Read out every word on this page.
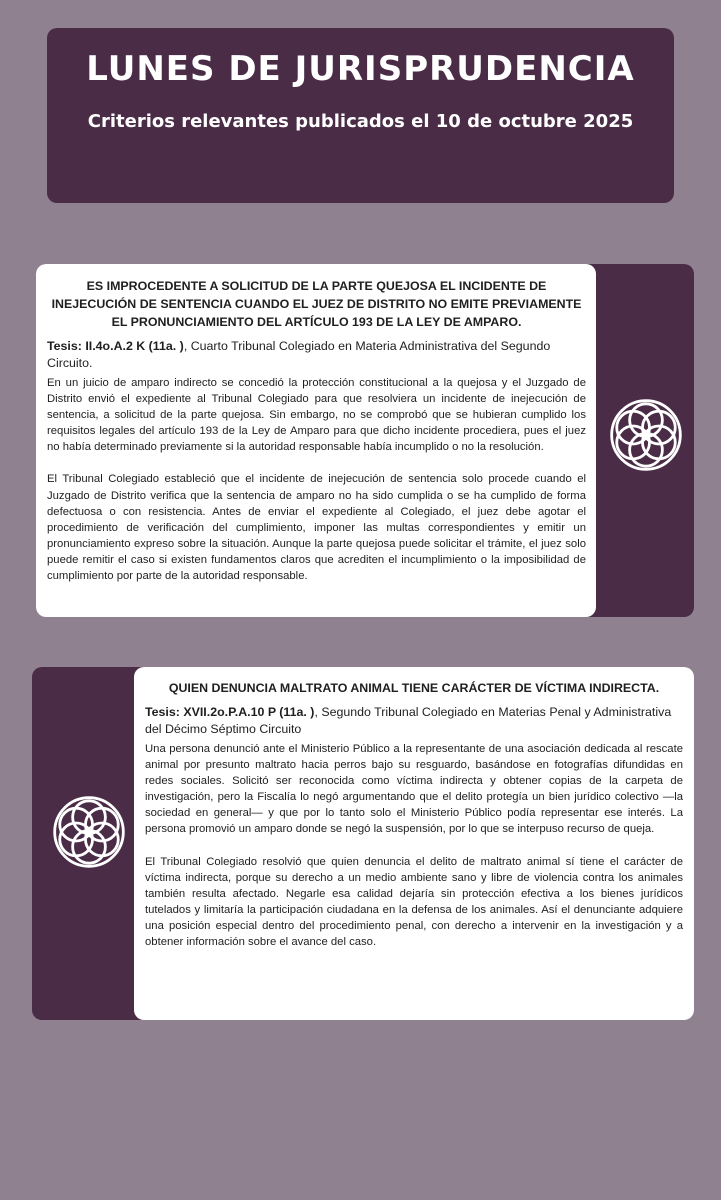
LUNES DE JURISPRUDENCIA
Criterios relevantes publicados el 10 de octubre 2025
ES IMPROCEDENTE A SOLICITUD DE LA PARTE QUEJOSA EL INCIDENTE DE INEJECUCIÓN DE SENTENCIA CUANDO EL JUEZ DE DISTRITO NO EMITE PREVIAMENTE EL PRONUNCIAMIENTO DEL ARTÍCULO 193 DE LA LEY DE AMPARO.
Tesis: II.4o.A.2 K (11a. ), Cuarto Tribunal Colegiado en Materia Administrativa del Segundo Circuito.

En un juicio de amparo indirecto se concedió la protección constitucional a la quejosa y el Juzgado de Distrito envió el expediente al Tribunal Colegiado para que resolviera un incidente de inejecución de sentencia, a solicitud de la parte quejosa. Sin embargo, no se comprobó que se hubieran cumplido los requisitos legales del artículo 193 de la Ley de Amparo para que dicho incidente procediera, pues el juez no había determinado previamente si la autoridad responsable había incumplido o no la resolución.

El Tribunal Colegiado estableció que el incidente de inejecución de sentencia solo procede cuando el Juzgado de Distrito verifica que la sentencia de amparo no ha sido cumplida o se ha cumplido de forma defectuosa o con resistencia. Antes de enviar el expediente al Colegiado, el juez debe agotar el procedimiento de verificación del cumplimiento, imponer las multas correspondientes y emitir un pronunciamiento expreso sobre la situación. Aunque la parte quejosa puede solicitar el trámite, el juez solo puede remitir el caso si existen fundamentos claros que acrediten el incumplimiento o la imposibilidad de cumplimiento por parte de la autoridad responsable.

QUIEN DENUNCIA MALTRATO ANIMAL TIENE CARÁCTER DE VÍCTIMA INDIRECTA.
Tesis: XVII.2o.P.A.10 P (11a. ), Segundo Tribunal Colegiado en Materias Penal y Administrativa del Décimo Séptimo Circuito

Una persona denunció ante el Ministerio Público a la representante de una asociación dedicada al rescate animal por presunto maltrato hacia perros bajo su resguardo, basándose en fotografías difundidas en redes sociales. Solicitó ser reconocida como víctima indirecta y obtener copias de la carpeta de investigación, pero la Fiscalía lo negó argumentando que el delito protegía un bien jurídico colectivo —la sociedad en general— y que por lo tanto solo el Ministerio Público podía representar ese interés. La persona promovió un amparo donde se negó la suspensión, por lo que se interpuso recurso de queja.

El Tribunal Colegiado resolvió que quien denuncia el delito de maltrato animal sí tiene el carácter de víctima indirecta, porque su derecho a un medio ambiente sano y libre de violencia contra los animales también resulta afectado. Negarle esa calidad dejaría sin protección efectiva a los bienes jurídicos tutelados y limitaría la participación ciudadana en la defensa de los animales. Así el denunciante adquiere una posición especial dentro del procedimiento penal, con derecho a intervenir en la investigación y a obtener información sobre el avance del caso.
